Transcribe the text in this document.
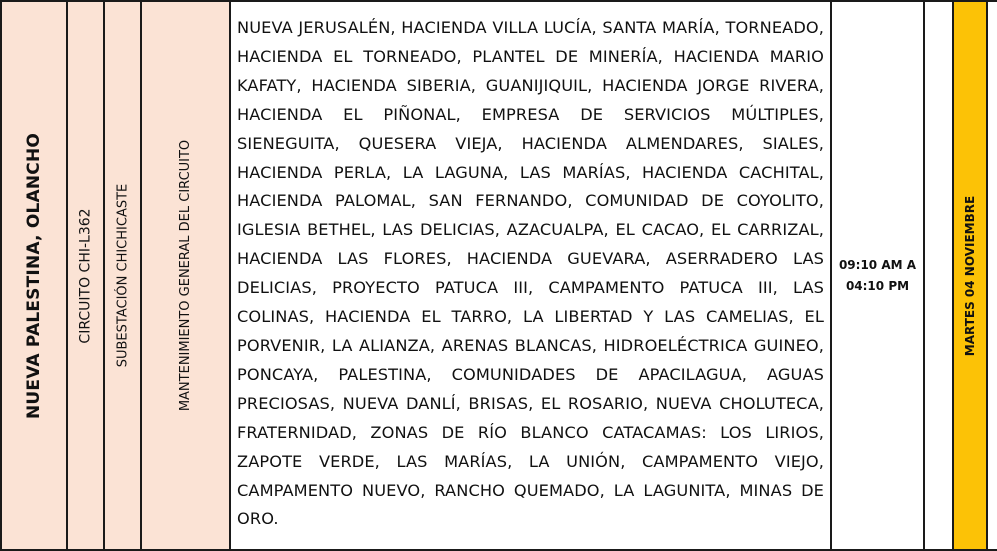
NUEVA PALESTINA, OLANCHO CIRCUITO CHI-L362 SUBESTACIÓN CHICHICASTE	MANTENIMIENTO GENERAL DEL CIRCUITO

NUEVA JERUSALÉN, HACIENDA VILLA LUCÍA, SANTA MARÍA, TORNEADO, HACIENDA EL TORNEADO, PLANTEL DE MINERÍA, HACIENDA MARIO KAFATY, HACIENDA SIBERIA, GUANIJIQUIL, HACIENDA JORGE RIVERA, HACIENDA EL PIÑONAL, EMPRESA DE SERVICIOS MÚLTIPLES, SIENEGUITA, QUESERA VIEJA, HACIENDA ALMENDARES, SIALES, HACIENDA PERLA, LA LAGUNA, LAS MARÍAS, HACIENDA CACHITAL, HACIENDA PALOMAL, SAN FERNANDO, COMUNIDAD DE COYOLITO, IGLESIA BETHEL, LAS DELICIAS, AZACUALPA, EL CACAO, EL CARRIZAL, HACIENDA LAS FLORES, HACIENDA GUEVARA, ASERRADERO LAS DELICIAS, PROYECTO PATUCA III, CAMPAMENTO PATUCA III, LAS COLINAS, HACIENDA EL TARRO, LA LIBERTAD Y LAS CAMELIAS, EL PORVENIR, LA ALIANZA, ARENAS BLANCAS, HIDROELÉCTRICA GUINEO, PONCAYA, PALESTINA, COMUNIDADES DE APACILAGUA, AGUAS PRECIOSAS, NUEVA DANLÍ, BRISAS, EL ROSARIO, NUEVA CHOLUTECA, FRATERNIDAD, ZONAS DE RÍO BLANCO CATACAMAS: LOS LIRIOS, ZAPOTE VERDE, LAS MARÍAS, LA UNIÓN, CAMPAMENTO VIEJO, CAMPAMENTO NUEVO, RANCHO QUEMADO, LA LAGUNITA, MINAS DE ORO.

09:10 AM A
04:10 PM	MARTES 04 NOVIEMBRE
